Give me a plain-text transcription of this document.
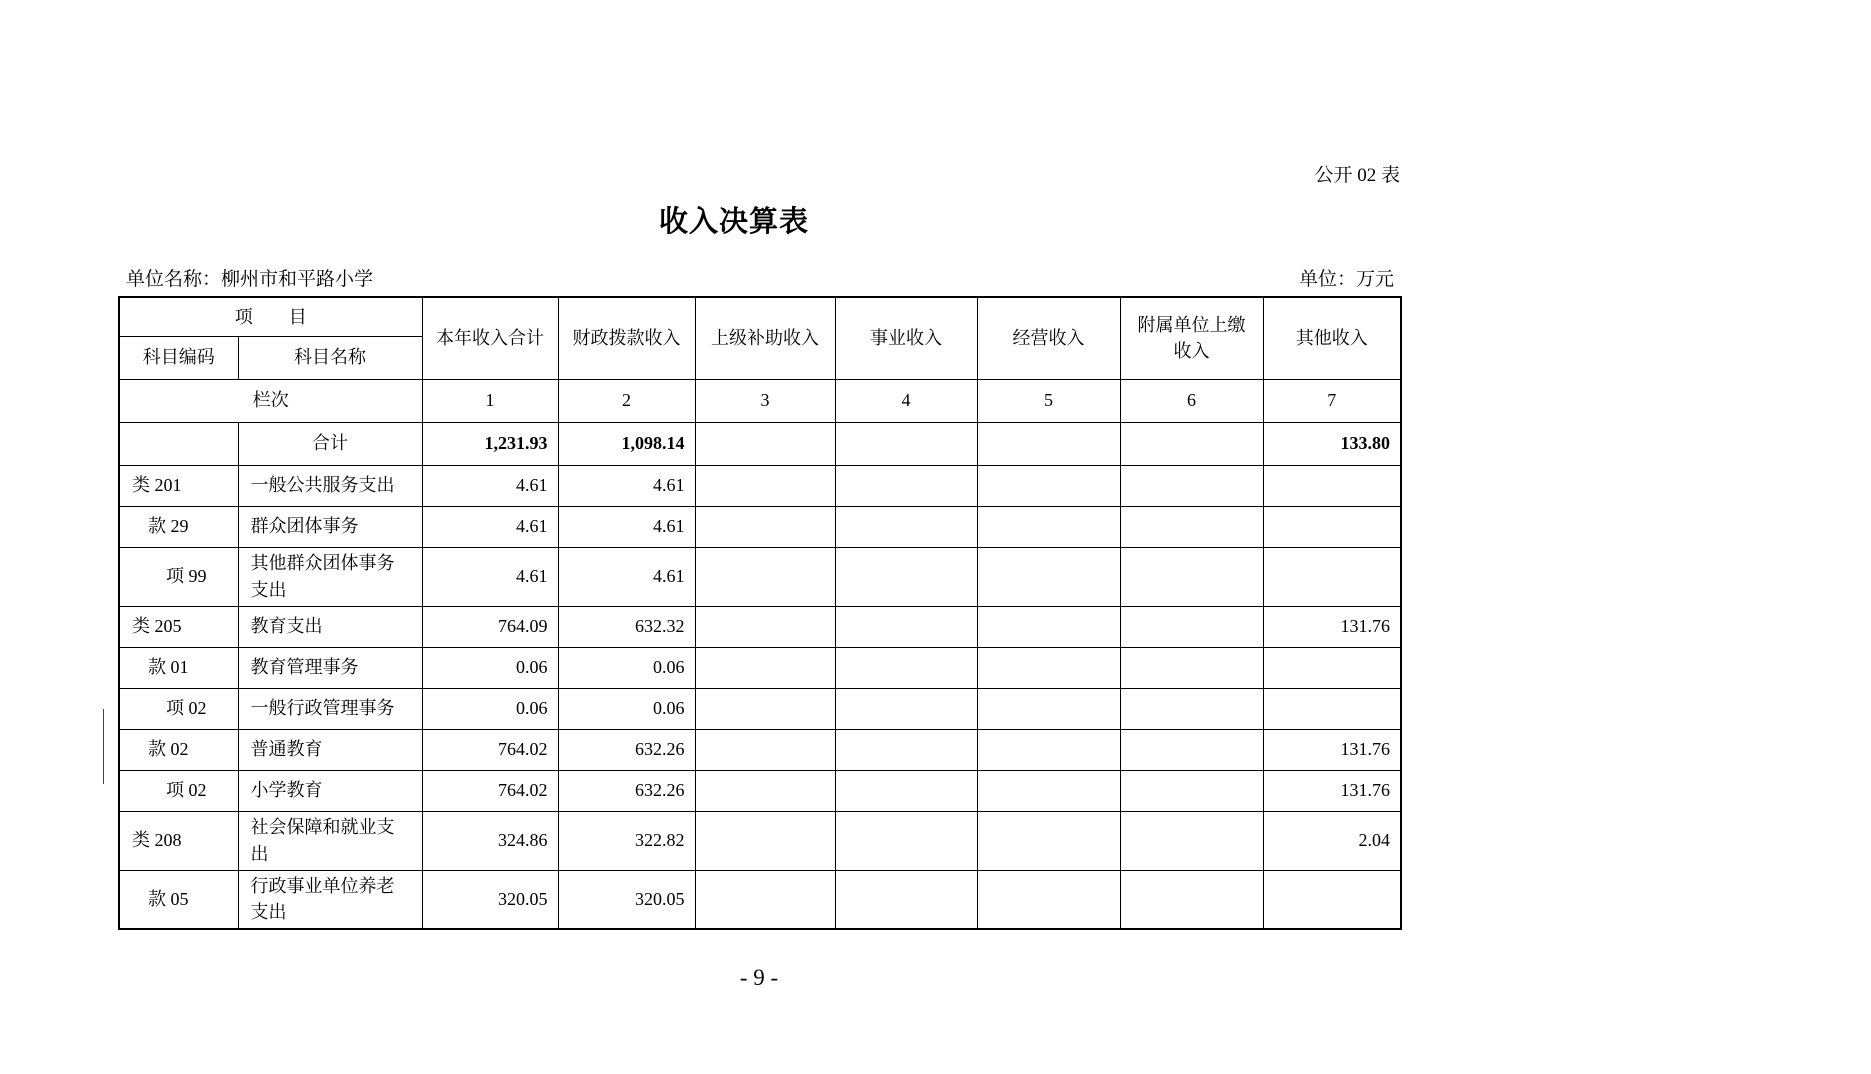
公开 02 表
收入决算表
单位名称：柳州市和平路小学	单位：万元
项　　目		本年收入合计	财政拨款收入	上级补助收入	事业收入	经营收入	附属单位上缴收入	其他收入
科目编码	科目名称							
栏次		1	2	3	4	5	6	7
	合计	1,231.93	1,098.14					133.80
类 201	一般公共服务支出	4.61	4.61					
款 29	群众团体事务	4.61	4.61					
项 99	其他群众团体事务支出	4.61	4.61					
类 205	教育支出	764.09	632.32					131.76
款 01	教育管理事务	0.06	0.06					
项 02	一般行政管理事务	0.06	0.06					
款 02	普通教育	764.02	632.26					131.76
项 02	小学教育	764.02	632.26					131.76
类 208	社会保障和就业支出	324.86	322.82					2.04
款 05	行政事业单位养老支出	320.05	320.05					
- 9 -
